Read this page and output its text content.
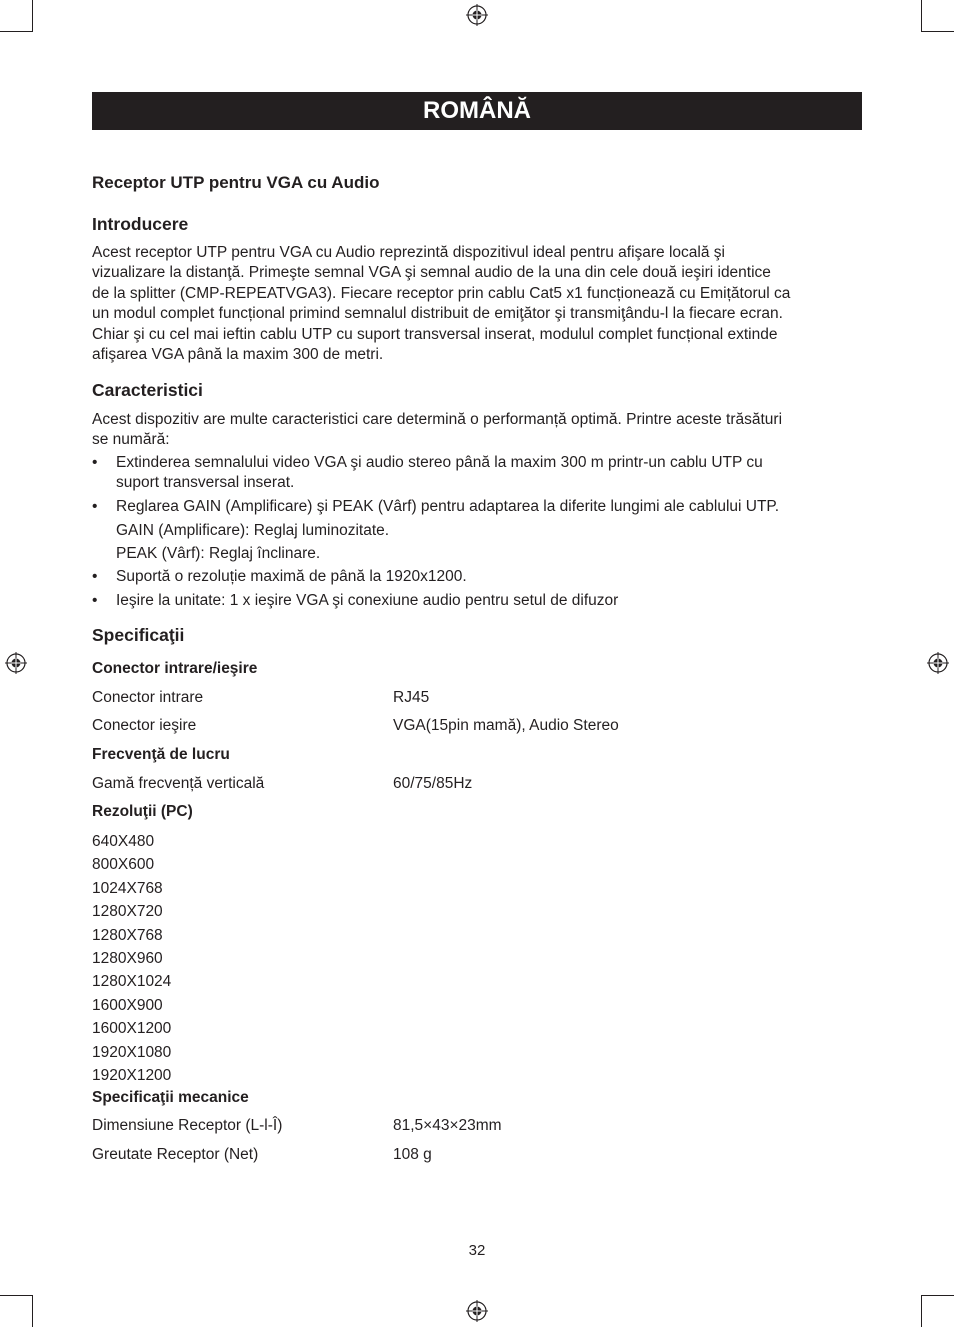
ROMÂNĂ
Receptor UTP pentru VGA cu Audio
Introducere
Acest receptor UTP pentru VGA cu Audio reprezintă dispozitivul ideal pentru afişare locală şi
vizualizare la distanţă. Primeşte semnal VGA şi semnal audio de la una din cele două ieşiri identice
de la splitter (CMP-REPEATVGA3). Fiecare receptor prin cablu Cat5 x1 funcționează cu Emițătorul ca
un modul complet funcțional primind semnalul distribuit de emiţător şi transmiţându-l la fiecare ecran.
Chiar şi cu cel mai ieftin cablu UTP cu suport transversal inserat, modulul complet funcțional extinde
afişarea VGA până la maxim 300 de metri.
Caracteristici
Acest dispozitiv are multe caracteristici care determină o performanță optimă. Printre aceste trăsături
se numără:
• Extinderea semnalului video VGA şi audio stereo până la maxim 300 m printr-un cablu UTP cu
suport transversal inserat.
• Reglarea GAIN (Amplificare) şi PEAK (Vârf) pentru adaptarea la diferite lungimi ale cablului UTP.
GAIN (Amplificare): Reglaj luminozitate.
PEAK (Vârf): Reglaj înclinare.
• Suportă o rezoluție maximă de până la 1920x1200.
• Ieşire la unitate: 1 x ieşire VGA şi conexiune audio pentru setul de difuzor
Specificaţii
Conector intrare/ieşire
Conector intrare	RJ45
Conector ieşire	VGA(15pin mamă), Audio Stereo
Frecvenţă de lucru
Gamă frecvență verticală	60/75/85Hz
Rezoluţii (PC)
640X480
800X600
1024X768
1280X720
1280X768
1280X960
1280X1024
1600X900
1600X1200
1920X1080
1920X1200
Specificaţii mecanice
Dimensiune Receptor (L-l-Î)	81,5×43×23mm
Greutate Receptor (Net)	108 g
32
